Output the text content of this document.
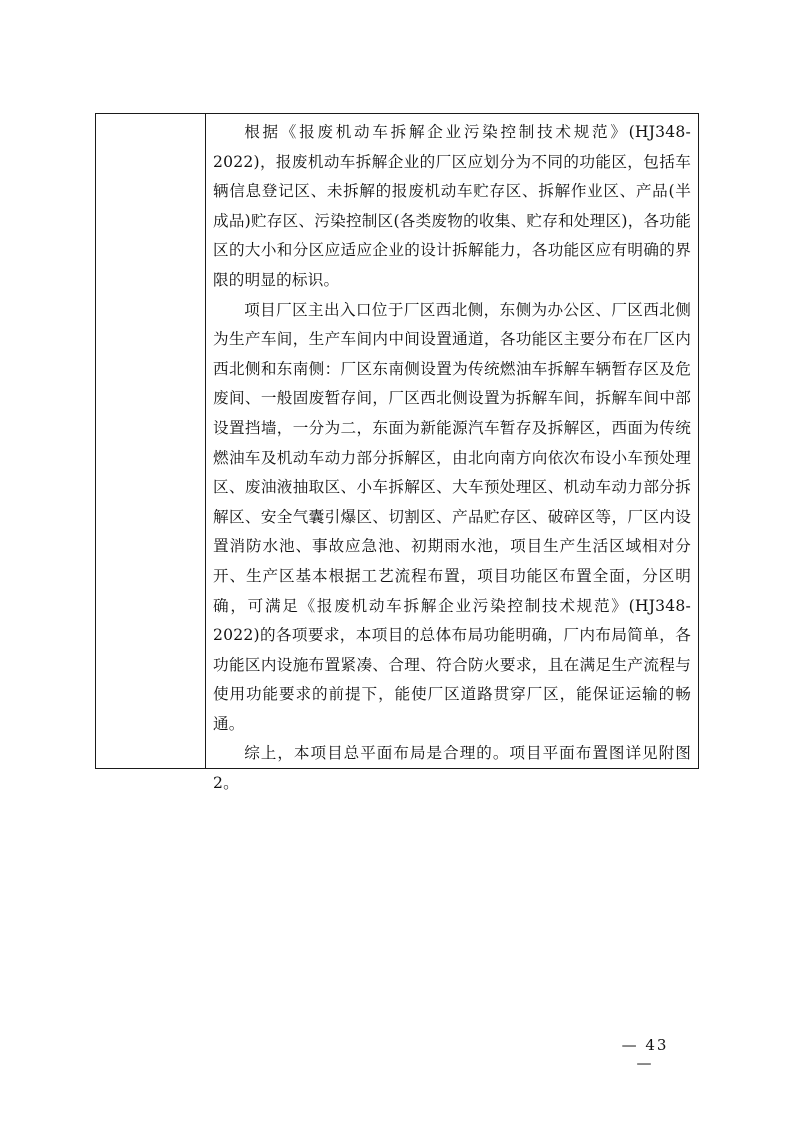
根据《报废机动车拆解企业污染控制技术规范》(HJ348-2022)，报废机动车拆解企业的厂区应划分为不同的功能区，包括车辆信息登记区、未拆解的报废机动车贮存区、拆解作业区、产品(半成品)贮存区、污染控制区(各类废物的收集、贮存和处理区)，各功能区的大小和分区应适应企业的设计拆解能力，各功能区应有明确的界限的明显的标识。

项目厂区主出入口位于厂区西北侧，东侧为办公区、厂区西北侧为生产车间，生产车间内中间设置通道，各功能区主要分布在厂区内西北侧和东南侧：厂区东南侧设置为传统燃油车拆解车辆暂存区及危废间、一般固废暂存间，厂区西北侧设置为拆解车间，拆解车间中部设置挡墙，一分为二，东面为新能源汽车暂存及拆解区，西面为传统燃油车及机动车动力部分拆解区，由北向南方向依次布设小车预处理区、废油液抽取区、小车拆解区、大车预处理区、机动车动力部分拆解区、安全气囊引爆区、切割区、产品贮存区、破碎区等，厂区内设置消防水池、事故应急池、初期雨水池，项目生产生活区域相对分开、生产区基本根据工艺流程布置，项目功能区布置全面，分区明确，可满足《报废机动车拆解企业污染控制技术规范》(HJ348-2022)的各项要求，本项目的总体布局功能明确，厂内布局简单，各功能区内设施布置紧凑、合理、符合防火要求，且在满足生产流程与使用功能要求的前提下，能使厂区道路贯穿厂区，能保证运输的畅通。

综上，本项目总平面布局是合理的。项目平面布置图详见附图 2。

— 43 —
